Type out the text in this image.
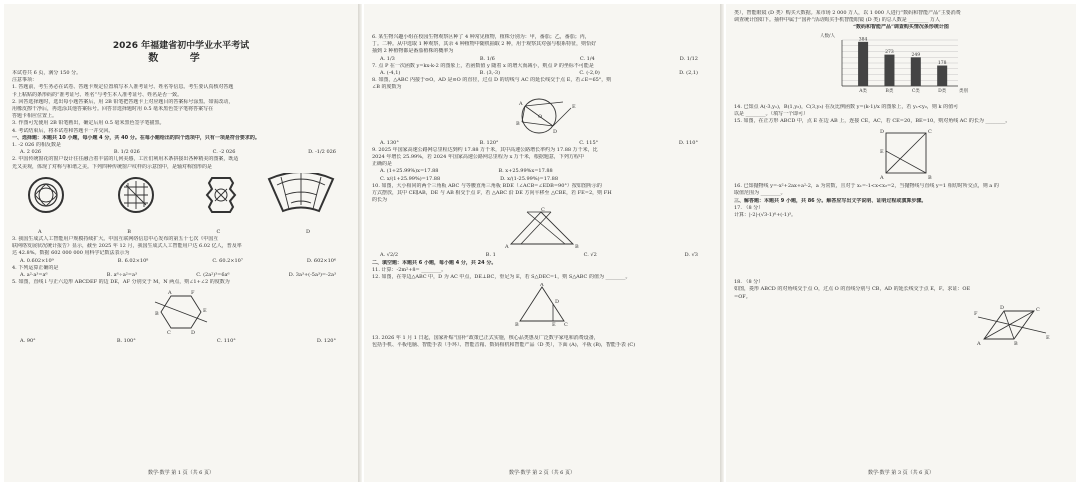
2026 年福建省初中学业水平考试
数 学
本试卷共 6 页，满分 150 分。
注意事项：
1. 答题前，考生务必在试卷、答题卡规定位置填写本人准考证号、姓名等信息。考生要认真核对答题
卡上粘贴的条形码的“准考证号、姓名”与考生本人准考证号、姓名是否一致。
2. 回答选择题时，选出每小题答案后，用 2B 铅笔把答题卡上对应题目的答案标号涂黑。如需改动，
用橡皮擦干净后，再选涂其他答案标号。回答非选择题时用 0.5 毫米黑色签字笔将答案写在
答题卡相应位置上。
3. 作图可先使用 2B 铅笔画出，确定后用 0.5 毫米黑色签字笔描黑。
4. 考试结束后，将本试卷和答题卡一并交回。
一、选择题：本题共 10 小题，每小题 4 分，共 40 分。在每小题给出的四个选项中，只有一项是符合要求的。
1. -2 026 的相反数是
A. 2 026	B. 1/2 026	C. -2 026	D. -1/2 026
2. 中国传统窗花的窗户设计往往融合着丰富的几何美感，工匠们利用木条拼接出各种精美的图案，既适
光又美观，体现了对称与和谐之美。下列四种传统窗户纹样的示意图中，是轴对称图形的是
A	B	C	D
3. 我国生成式人工智能用户规模持续扩大。中国互联网络信息中心发布的第五十七次《中国互
联网络发展状况统计报告》显示，截至 2025 年 12 月，我国生成式人工智能用户达 6.02 亿人，普及率
达 42.8%。数据 602 000 000 用科学记数法表示为
A. 0.602×10⁹	B. 6.02×10⁸	C. 60.2×10⁷	D. 602×10⁶
4. 下列运算正确的是
A. a²·a³=a⁶	B. a⁶÷a²=a³	C. (2a²)³=6a⁶	D. 3a³+(-5a³)=-2a³
5. 如图，直线 l 与正六边形 ABCDEF 的边 DE，AF 分别交于 M，N 两点，则∠1+∠2 的度数为
A	F
B	E
C	D
A. 90°	B. 100°	C. 110°	D. 120°
数学·数学 第 1 页（共 6 页）
6. 某生物兴趣小组在校园生物观察区种了 4 种常见植物，植株分别为：甲，番茄；乙，番茄；丙，
丁。二种。从中选取 1 种观察，其余 4 种植物中随机抽取 2 种，用于观察其对强与根系特征，则恰好
抽到 2 种植物都是番茄植株的概率为
A. 1/3	B. 1/6	C. 1/4	D. 1/12
7. 点 P 在一次函数 y=kx-k-2 的图象上，若函数值 y 随着 x 的增大而减小，则点 P 的坐标不可能是
A. (-4,1)	B. (3,-3)	C. (-2,0)	D. (2,1)
8. 如图，△ABC 内接于⊙O，AD 是⊙O 的直径，过点 D 的切线与 AC 的延长线交于点 E，若∠E=65°，则
∠B 的度数为
A
B
D
E
O
A. 130°	B. 120°	C. 115°	D. 110°
9. 2025 年国家高速公路网总里程达到约 17.88 万千米，其中高速公路增长率约为 17.88 万千米，比
2024 年增长 25.99%，若 2024 年国家高速公路网总里程为 x 万千米，根据题意，下列方程中
正确的是
A. (1+25.99%)x=17.88	B. x+25.99%x=17.88
C. x/(1+25.99%)=17.88	D. x/(1-25.99%)=17.88
10. 如图，大小相同的两个三角板 ABC 与等腰直角三角板 BDE（∠ACB=∠EDB=90°）按如图所示的
方式摆放，其中 CE∥AB，DE 与 AB 相交于点 F，若 △ABC 沿 DE 方向平移至 △CBE，若 FE=2，则 FH
的长为
A	B
C
A. √2/2	B. 1	C. √2	D. √3
二、填空题：本题共 6 小题，每小题 4 分，共 24 分。
11. 计算：-2m²+8= ________。
12. 如图，在等边△ABC 中，D 为 AC 中点，DE⊥BC，垂足为 E，若 S△DEC=1，则 S△ABC 的值为 ________。
A
B	C
D
E
13. 2026 年 1 月 1 日起，国家补贴“国补”政策已正式实施，核心品类惠及广泛数字家电和消费设备，
包括手机、平板电脑、智能手表（手环）、智能音箱、数码相机和智能产品（D 类），下面 (A)，平板 (B)，智能手表 (C)
数学·数学 第 2 页（共 6 页）
类），智能眼镜 (D 类）购买大数据。某市场 2 000 万人，以 1 000 人进行“数码和智能产品”主要消费
调查统计图如下。抽样中属于“国补”活动购买手机智能眼镜 (D 类) 的总人数是 ________ 万人
“数码和智能产品”调查购买情况条形统计图
人数/人
384
A类
273
B类
249
C类
178
D类	类别
14. 已知点 A(-3,y₁)，B(1,y₂)，C(3,y₃) 在反比例函数 y=(k-1)/x 的图象上，若 y₁<y₂，则 k 的值可
以是 ________。（填写一个即可）
15. 如图，在正方形 ABCD 中，点 E 在边 AB 上，连接 CE，AC，若 CE=20，BE=10，则对角线 AC 的长为 ________。
D	C
A	B
E
16. 已知抛物线 y=-x²+2ax+a²-2，a 为常数，且对于 x₁=-1<x<x₂=2，当抛物线与直线 y=1 相切时所交点，则 a 的
取值范围为 ________。
三、解答题：本题共 9 小题，共 86 分。解答应写出文字说明、证明过程或演算步骤。
17. （8 分）
计算：|-2|-(√3-1)⁰+(-1)³。
18. （8 分）
如图，菱形 ABCD 的对角线交于点 O，过点 O 的直线分别与 CB，AD 的延长线交于点 E，F。求证：OE
=OF。
A	B
C
D
E
F
数学·数学 第 3 页（共 6 页）
